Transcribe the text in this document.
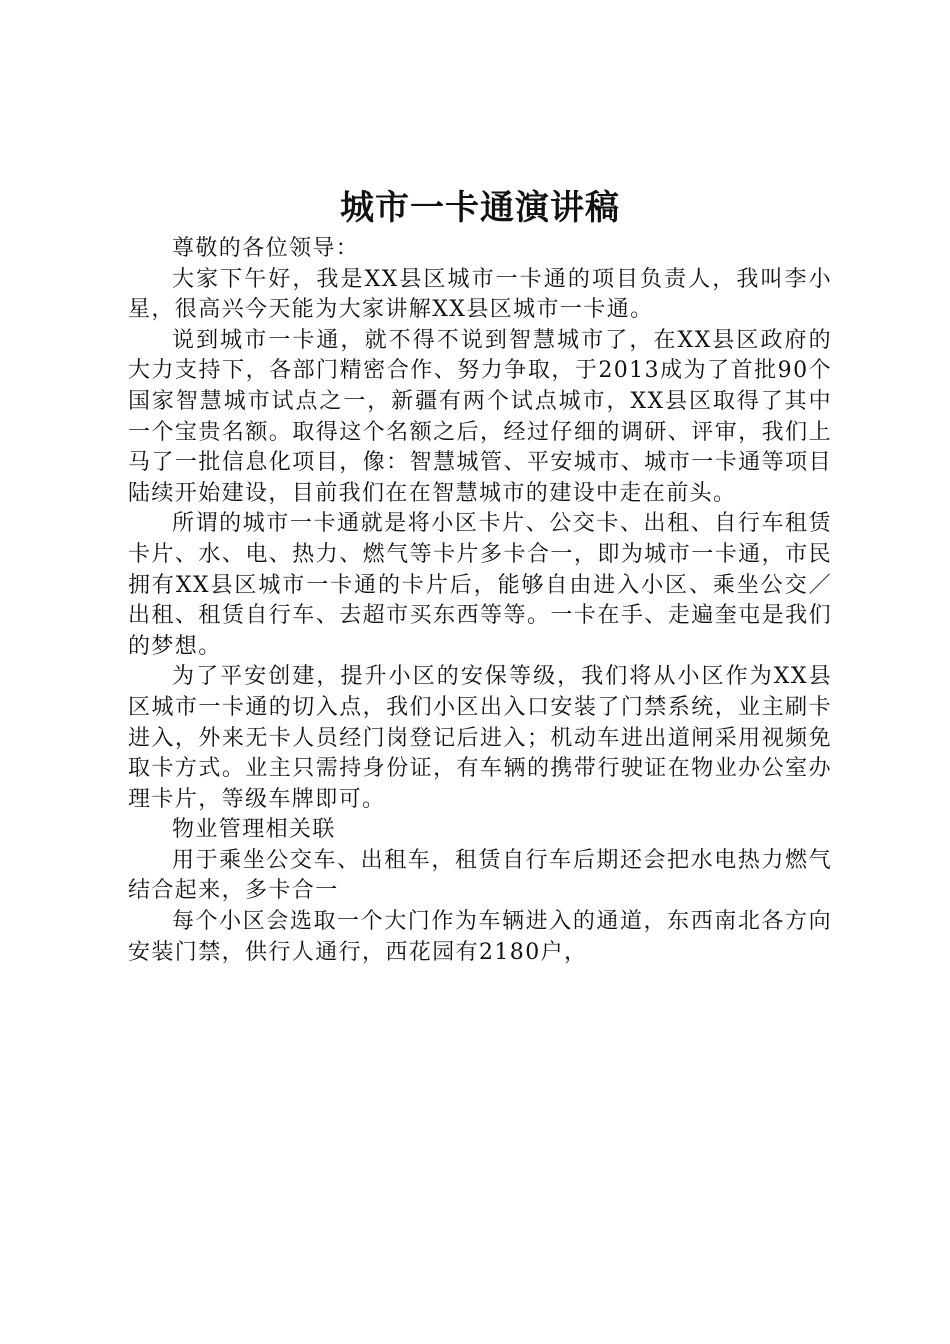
城市一卡通演讲稿

尊敬的各位领导：

大家下午好，我是XX县区城市一卡通的项目负责人，我叫李小星，很高兴今天能为大家讲解XX县区城市一卡通。

说到城市一卡通，就不得不说到智慧城市了，在XX县区政府的大力支持下，各部门精密合作、努力争取，于2013成为了首批90个国家智慧城市试点之一，新疆有两个试点城市，XX县区取得了其中一个宝贵名额。取得这个名额之后，经过仔细的调研、评审，我们上马了一批信息化项目，像：智慧城管、平安城市、城市一卡通等项目陆续开始建设，目前我们在在智慧城市的建设中走在前头。

所谓的城市一卡通就是将小区卡片、公交卡、出租、自行车租赁卡片、水、电、热力、燃气等卡片多卡合一，即为城市一卡通，市民拥有XX县区城市一卡通的卡片后，能够自由进入小区、乘坐公交／出租、租赁自行车、去超市买东西等等。一卡在手、走遍奎屯是我们的梦想。

为了平安创建，提升小区的安保等级，我们将从小区作为XX县区城市一卡通的切入点，我们小区出入口安装了门禁系统，业主刷卡进入，外来无卡人员经门岗登记后进入；机动车进出道闸采用视频免取卡方式。业主只需持身份证，有车辆的携带行驶证在物业办公室办理卡片，等级车牌即可。

物业管理相关联

用于乘坐公交车、出租车，租赁自行车后期还会把水电热力燃气结合起来，多卡合一

每个小区会选取一个大门作为车辆进入的通道，东西南北各方向安装门禁，供行人通行，西花园有2180户，
